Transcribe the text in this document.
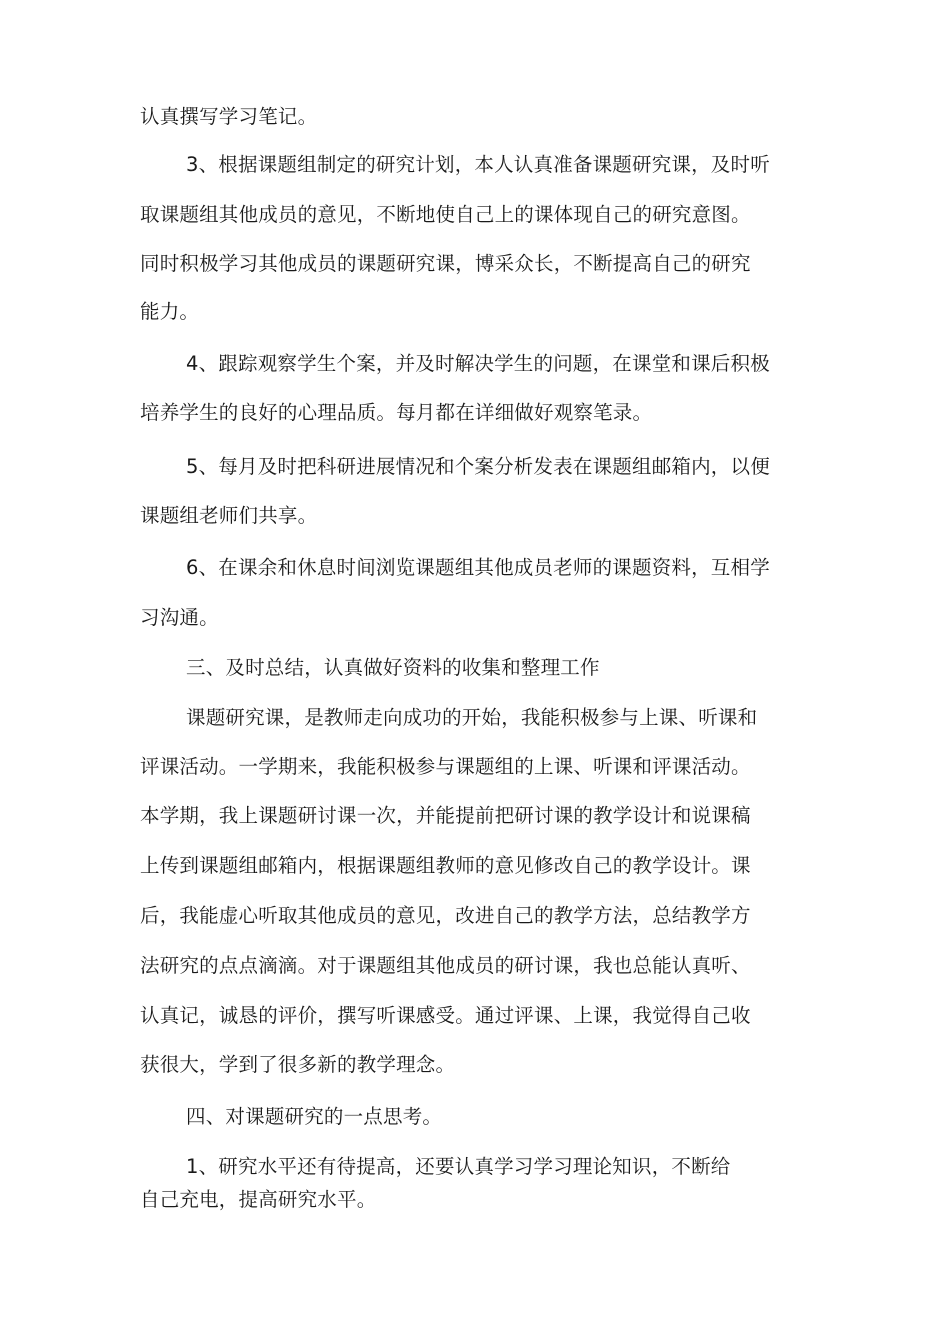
认真撰写学习笔记。
3、根据课题组制定的研究计划，本人认真准备课题研究课，及时听
取课题组其他成员的意见，不断地使自己上的课体现自己的研究意图。
同时积极学习其他成员的课题研究课，博采众长，不断提高自己的研究
能力。
4、跟踪观察学生个案，并及时解决学生的问题，在课堂和课后积极
培养学生的良好的心理品质。每月都在详细做好观察笔录。
5、每月及时把科研进展情况和个案分析发表在课题组邮箱内，以便
课题组老师们共享。
6、在课余和休息时间浏览课题组其他成员老师的课题资料，互相学
习沟通。
三、及时总结，认真做好资料的收集和整理工作
课题研究课，是教师走向成功的开始，我能积极参与上课、听课和
评课活动。一学期来，我能积极参与课题组的上课、听课和评课活动。
本学期，我上课题研讨课一次，并能提前把研讨课的教学设计和说课稿
上传到课题组邮箱内，根据课题组教师的意见修改自己的教学设计。课
后，我能虚心听取其他成员的意见，改进自己的教学方法，总结教学方
法研究的点点滴滴。对于课题组其他成员的研讨课，我也总能认真听、
认真记，诚恳的评价，撰写听课感受。通过评课、上课，我觉得自己收
获很大，学到了很多新的教学理念。
四、对课题研究的一点思考。
1、研究水平还有待提高，还要认真学习学习理论知识，不断给
自己充电，提高研究水平。
